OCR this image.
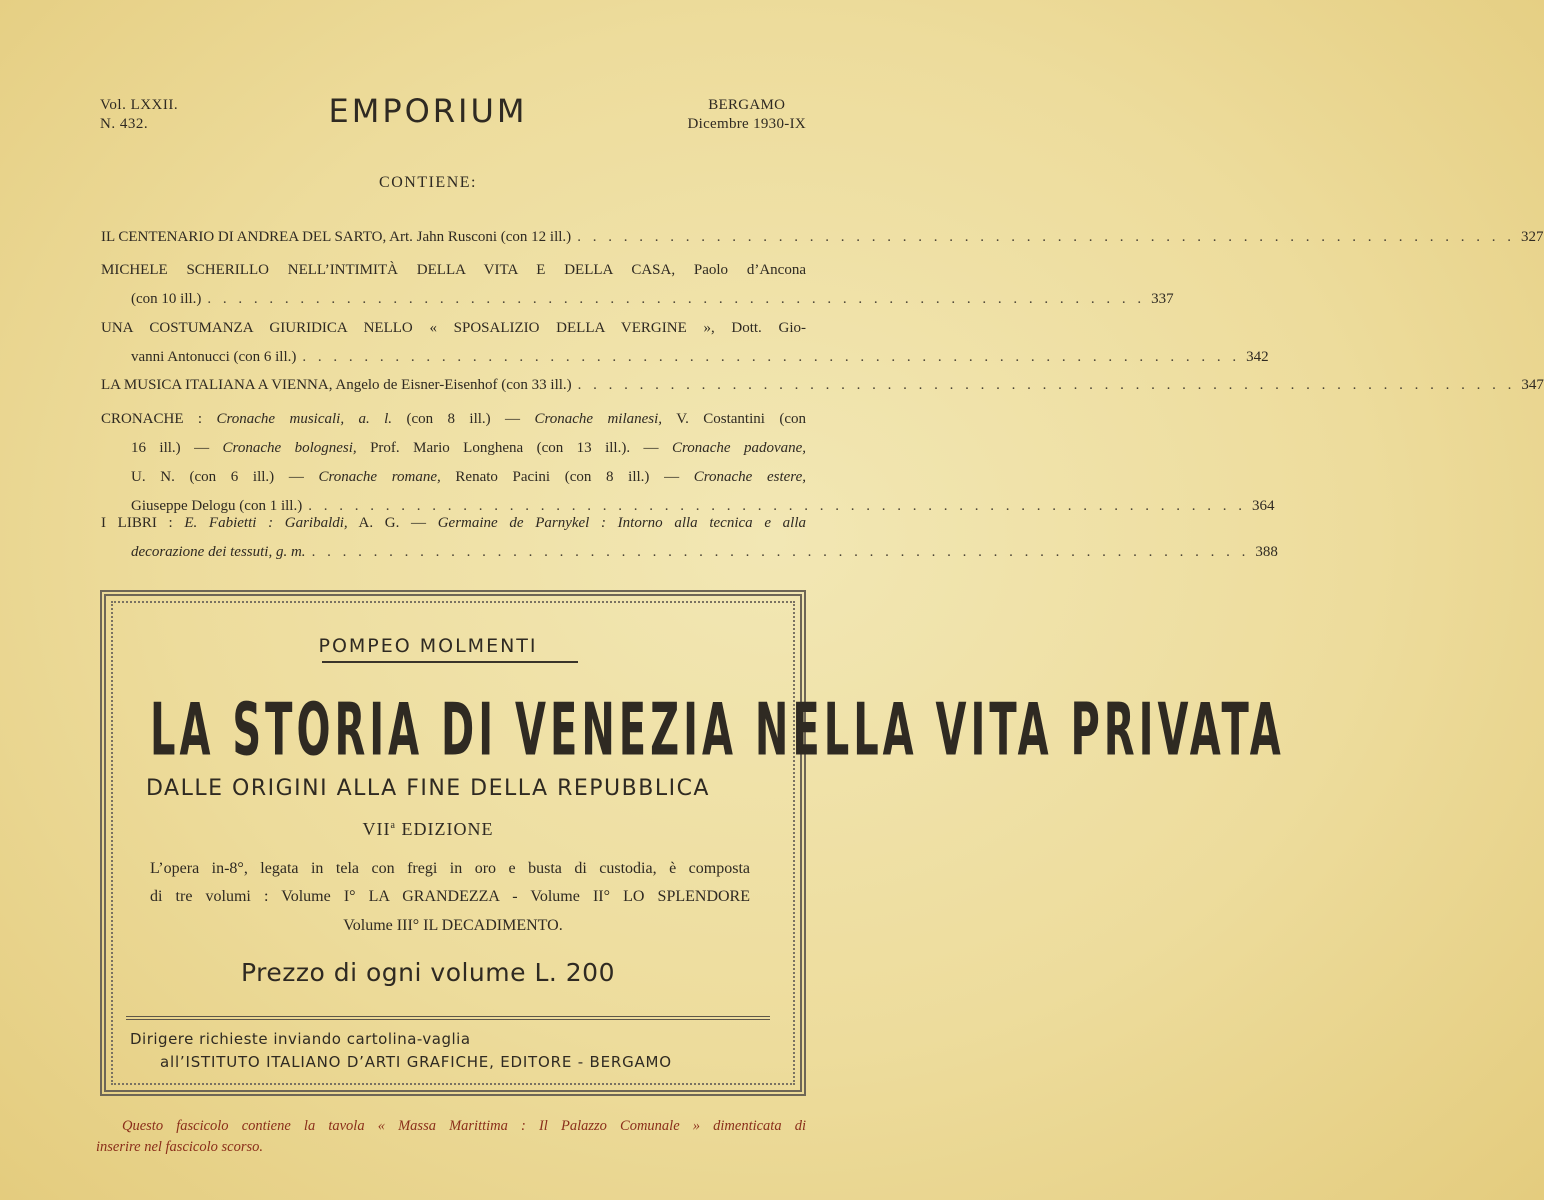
Vol. LXXII.
N. 432.	EMPORIUM	BERGAMO
Dicembre 1930-IX
CONTIENE:
IL CENTENARIO DI ANDREA DEL SARTO, Art. Jahn Rusconi (con 12 ill.) . . .	327
MICHELE SCHERILLO NELL’INTIMITÀ DELLA VITA E DELLA CASA, Paolo d’Ancona
(con 10 ill.) . . .	337
UNA COSTUMANZA GIURIDICA NELLO « SPOSALIZIO DELLA VERGINE », Dott. Gio-
vanni Antonucci (con 6 ill.) . . .	342
LA MUSICA ITALIANA A VIENNA, Angelo de Eisner-Eisenhof (con 33 ill.) . . .	347
CRONACHE : Cronache musicali, a. l. (con 8 ill.) — Cronache milanesi, V. Costantini (con
16 ill.) — Cronache bolognesi, Prof. Mario Longhena (con 13 ill.). — Cronache padovane,
U. N. (con 6 ill.) — Cronache romane, Renato Pacini (con 8 ill.) — Cronache estere,
Giuseppe Delogu (con 1 ill.) . . .	364
I LIBRI : E. Fabietti : Garibaldi, A. G. — Germaine de Parnykel : Intorno alla tecnica e alla
decorazione dei tessuti, g. m. . . .	388
POMPEO MOLMENTI
LA STORIA DI VENEZIA NELLA VITA PRIVATA
DALLE ORIGINI ALLA FINE DELLA REPUBBLICA
VII$^a$ EDIZIONE
L’opera in-8°, legata in tela con fregi in oro e busta di custodia, è composta
di tre volumi : Volume I° LA GRANDEZZA - Volume II° LO SPLENDORE
Volume III° IL DECADIMENTO.
Prezzo di ogni volume L. 200
Dirigere richieste inviando cartolina-vaglia
all’ISTITUTO ITALIANO D’ARTI GRAFICHE, EDITORE - BERGAMO
Questo fascicolo contiene la tavola « Massa Marittima : Il Palazzo Comunale » dimenticata di
inserire nel fascicolo scorso.
